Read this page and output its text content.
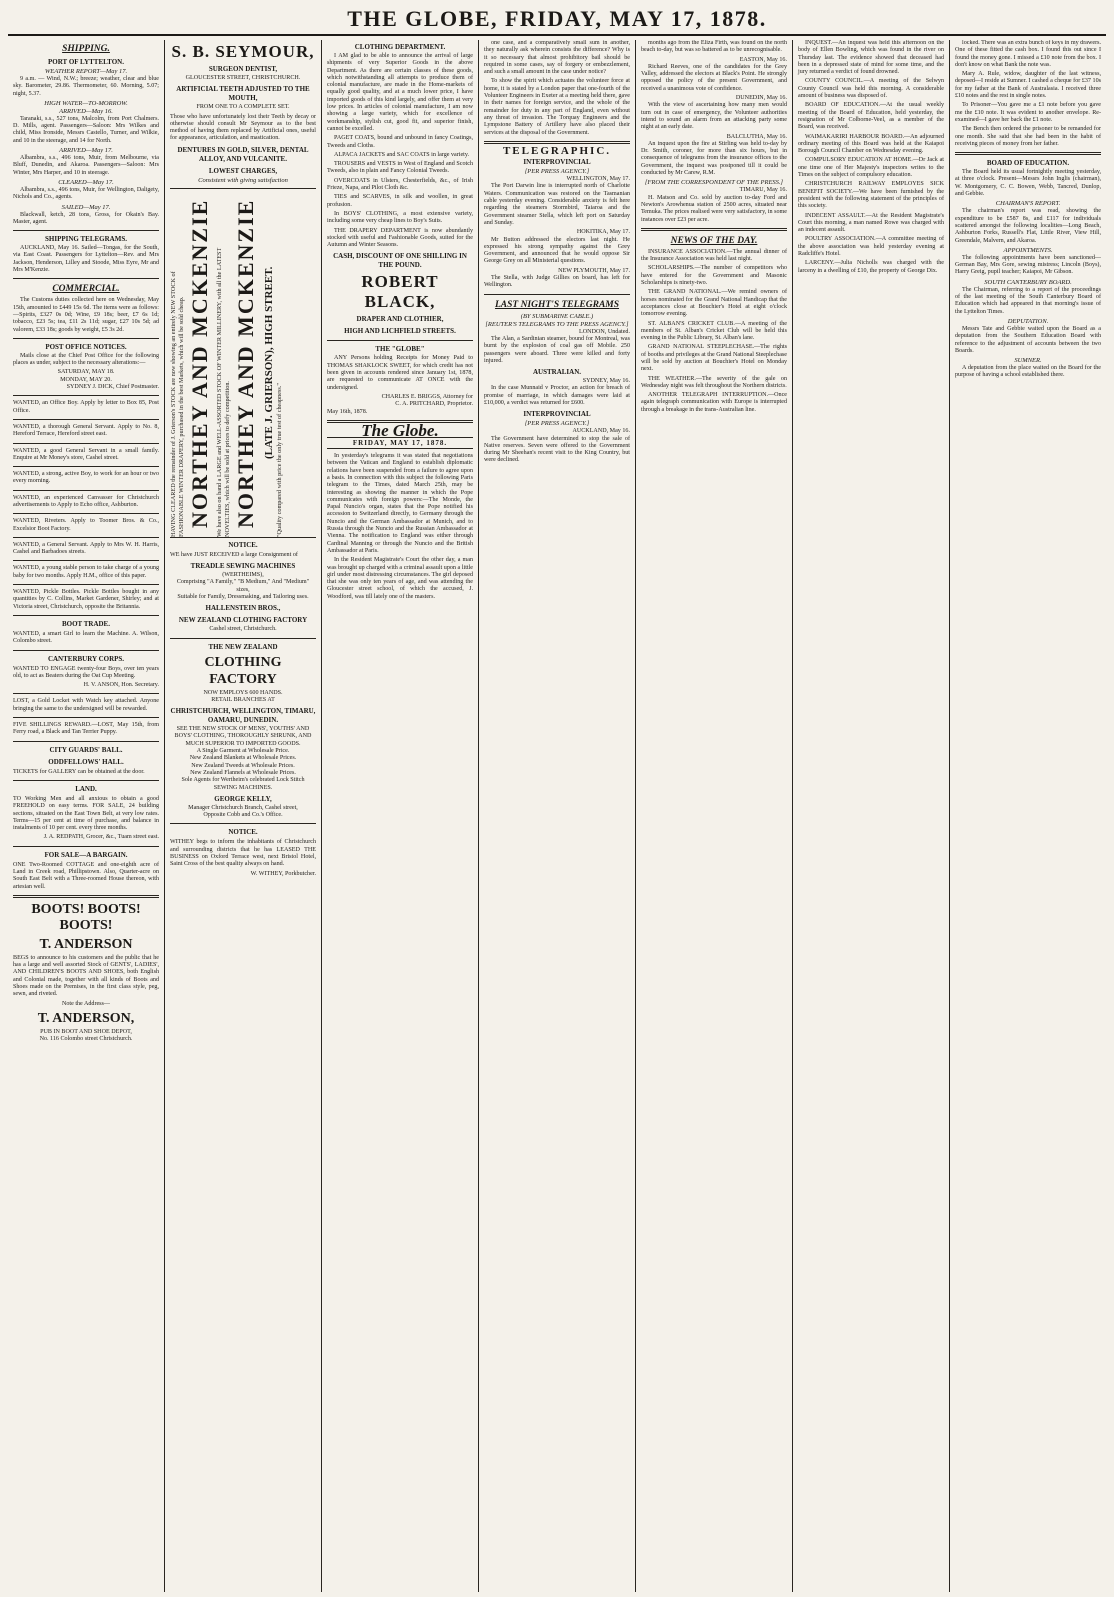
THE GLOBE, FRIDAY, MAY 17, 1878.
SHIPPING.
PORT OF LYTTELTON.
WEATHER REPORT—May 17.

9 a.m. — Wind, N.W.; breeze; weather, clear and blue sky. Barometer, 29.86. Thermometer, 60. Morning, 5.07; night, 5.37.

HIGH WATER—TO-MORROW.
ARRIVED—May 16.

Taranaki, s.s., 527 tons, Malcolm, from Port Chalmers. D. Mills, agent. Passengers—Saloon: Mrs Wilkes and child, Miss Ironside, Messrs Castello, Turner, and Wilkie, and 10 in the steerage, and 14 for North.

ARRIVED—May 17.

Albambra, s.s., 496 tons, Muir, from Melbourne, via Bluff, Dunedin, and Akaroa. Passengers—Saloon: Mrs Winter, Mrs Harper, and 10 in steerage.

CLEARED—May 17.

Albambra, s.s., 496 tons, Muir, for Wellington, Daligety, Nichols and Co., agents.

SAILED—May 17.

Blackwall, ketch, 28 tons, Gross, for Okain's Bay. Master, agent.

SHIPPING TELEGRAMS.

AUCKLAND, May 16. Sailed—Tongas, for the South, via East Coast. Passengers for Lyttelton—Rev. and Mrs Jackson, Henderson, Lilley and Stoode, Miss Eyre, Mr and Mrs M'Kenzie.

COMMERCIAL.

The Customs duties collected here on Wednesday, May 15th, amounted to £449 15s 6d. The items were as follows:—Spirits, £327 0s 0d; Wine, £9 18s; beer, £7 6s 1d; tobacco, £23 5s; tea, £11 2s 11d; sugar, £27 10s 5d; ad valorem, £33 18s; goods by weight, £5 3s 2d.

POST OFFICE NOTICES.

Mails close at the Chief Post Office for the following places as under, subject to the necessary alterations:—

SATURDAY, MAY 18.
MONDAY, MAY 20.
SYDNEY J. DICK, Chief Postmaster.

WANTED, an Office Boy. Apply by letter to Box 85, Post Office.

WANTED, a thorough General Servant. Apply to No. 8, Hereford Terrace, Hereford street east.

WANTED, a good General Servant in a small family. Enquire at Mr Money's store, Cashel street.

WANTED, a strong, active Boy, to work for an hour or two every morning.

WANTED, an experienced Canvasser for Christchurch advertisements to Apply to Echo office, Ashburton.

WANTED, Riveters. Apply to Toomer Bros. & Co., Excelsior Boot Factory.

WANTED, a General Servant. Apply to Mrs W. H. Harris, Cashel and Barbadoes streets.

WANTED, a young stable person to take charge of a young baby for two months. Apply H.M., office of this paper.

WANTED, Pickle Bottles. Pickle Bottles bought in any quantities by C. Collins, Market Gardener, Shirley; and at Victoria street, Christchurch, opposite the Britannia.

BOOT TRADE.

WANTED, a smart Girl to learn the Machine. A. Wilson, Colombo street.

CANTERBURY CORPS.

WANTED TO ENGAGE twenty-four Boys, over ten years old, to act as Beaters during the Oat Cup Meeting.

H. V. ANSON, Hon. Secretary.

LOST, a Gold Locket with Watch key attached. Anyone bringing the same to the undersigned will be rewarded.

FIVE SHILLINGS REWARD.—LOST, May 15th, from Ferry road, a Black and Tan Terrier Puppy.

CITY GUARDS' BALL.
ODDFELLOWS' HALL.

TICKETS for GALLERY can be obtained at the door.

LAND.

TO Working Men and all anxious to obtain a good FREEHOLD on easy terms. FOR SALE, 24 building sections, situated on the East Town Belt, at very low rates. Terms—15 per cent at time of purchase, and balance in instalments of 10 per cent. every three months.

J. A. REDPATH, Grocer, &c., Tuam street east.
FOR SALE—A BARGAIN.

ONE Two-Roomed COTTAGE and one-eighth acre of Land in Creek road, Phillipstown. Also, Quarter-acre on South East Belt with a Three-roomed House thereon, with artesian well.

BOOTS! BOOTS! BOOTS!
T. ANDERSON

BEGS to announce to his customers and the public that he has a large and well assorted Stock of GENTS', LADIES', AND CHILDREN'S BOOTS AND SHOES, both English and Colonial made, together with all kinds of Boots and Shoes made on the Premises, in the first class style, peg, sewn, and riveted.

Note the Address—
T. ANDERSON,
PUB IN BOOT AND SHOE DEPOT,
No. 116 Colombo street Christchurch.
S. B. SEYMOUR,
SURGEON DENTIST,
GLOUCESTER STREET, CHRISTCHURCH.
ARTIFICIAL TEETH ADJUSTED TO THE MOUTH,
FROM ONE TO A COMPLETE SET.

Those who have unfortunately lost their Teeth by decay or otherwise should consult Mr Seymour as to the best method of having them replaced by Artificial ones, useful for appearance, articulation, and mastication.

DENTURES IN GOLD, SILVER, DENTAL ALLOY, AND VULCANITE.
LOWEST CHARGES,
Consistent with giving satisfaction
HAVING CLEARED the remainder of J. Grierson's STOCK are now showing an entirely NEW STOCK of FASHIONABLE WINTER DRAPERY, purchased in the best Markets, which will be sold cheap. NORTHEY AND MCKENZIE We have also on hand a LARGE and WELL-ASSORTED STOCK OF WINTER MILLINERY, with all the LATEST NOVELTIES, which will be sold at prices to defy competition. NORTHEY AND MCKENZIE (LATE J. GRIERSON), HIGH STREET.
"Quality compared with price the only true test of cheapness."
NOTICE.

WE have JUST RECEIVED a large Consignment of

TREADLE SEWING MACHINES
(WERTHEIMS),
Comprising "A Family," "B Medium," And "Medium" sizes,
Suitable for Family, Dressmaking, and Tailoring uses.
HALLENSTEIN BROS.,
NEW ZEALAND CLOTHING FACTORY
Cashel street, Christchurch.
THE NEW ZEALAND
CLOTHING FACTORY
NOW EMPLOYS 600 HANDS.
RETAIL BRANCHES AT
CHRISTCHURCH, WELLINGTON, TIMARU, OAMARU, DUNEDIN.
SEE THE NEW STOCK OF MENS', YOUTHS' AND BOYS' CLOTHING, THOROUGHLY SHRUNK, AND MUCH SUPERIOR TO IMPORTED GOODS.
A Single Garment at Wholesale Price.
New Zealand Blankets at Wholesale Prices.
New Zealand Tweeds at Wholesale Prices.
New Zealand Flannels at Wholesale Prices.
Sole Agents for Wertheim's celebrated Lock Stitch SEWING MACHINES.
GEORGE KELLY,
Manager Christchurch Branch, Cashel street,
Opposite Cobb and Co.'s Office.
NOTICE.

WITHEY begs to inform the inhabitants of Christchurch and surrounding districts that he has LEASED THE BUSINESS on Oxford Terrace west, next Bristol Hotel, Saint Cross of the best quality always on hand.

W. WITHEY, Porkbutcher.
CLOTHING DEPARTMENT.

I AM glad to be able to announce the arrival of large shipments of very Superior Goods in the above Department. As there are certain classes of these goods, which notwithstanding all attempts to produce them of colonial manufacture, are made in the Home-markets of equally good quality, and at a much lower price, I have imported goods of this kind largely, and offer them at very low prices. In articles of colonial manufacture, I am now showing a large variety, which for excellence of workmanship, stylish cut, good fit, and superior finish, cannot be excelled.

PAGET COATS, bound and unbound in fancy Coatings, Tweeds and Cloths.

ALPACA JACKETS and SAC COATS in large variety.

TROUSERS and VESTS in West of England and Scotch Tweeds, also in plain and Fancy Colonial Tweeds.

OVERCOATS in Ulsters, Chesterfields, &c., of Irish Frieze, Napa, and Pilot Cloth &c.

TIES and SCARVES, in silk and woollen, in great profusion.

In BOYS' CLOTHING, a most extensive variety, including some very cheap lines to Boy's Suits.

THE DRAPERY DEPARTMENT is now abundantly stocked with useful and Fashionable Goods, suited for the Autumn and Winter Seasons.

CASH, DISCOUNT OF ONE SHILLING IN THE POUND.
ROBERT BLACK,
DRAPER AND CLOTHIER,
HIGH AND LICHFIELD STREETS.
THE "GLOBE"

ANY Persons holding Receipts for Money Paid to THOMAS SHAKLOCK SWEET, for which credit has not been given in accounts rendered since January 1st, 1878, are requested to communicate AT ONCE with the undersigned.

CHARLES E. BRIGGS, Attorney for
C. A. PRITCHARD, Proprietor.
May 16th, 1878.
The Globe.
FRIDAY, MAY 17, 1878.

In yesterday's telegrams it was stated that negotiations between the Vatican and England to establish diplomatic relations have been suspended from a failure to agree upon a basis. In connection with this subject the following Paris telegram to the Times, dated March 25th, may be interesting as showing the manner in which the Pope communicates with foreign powers:—The Monde, the Papal Nuncio's organ, states that the Pope notified his accession to Switzerland directly, to Germany through the Nuncio and the German Ambassador at Munich, and to Russia through the Nuncio and the Russian Ambassador at Vienna. The notification to England was either through Cardinal Manning or through the Nuncio and the British Ambassador at Paris.

In the Resident Magistrate's Court the other day, a man was brought up charged with a criminal assault upon a little girl under most distressing circumstances. The girl deposed that she was only ten years of age, and was attending the Gloucester street school, of which the accused, J. Woodford, was till lately one of the masters.

one case, and a comparatively small sum in another, they naturally ask wherein consists the difference? Why is it so necessary that almost prohibitory bail should be required in some cases, say of forgery or embezzlement, and such a small amount in the case under notice?

To show the spirit which actuates the volunteer force at home, it is stated by a London paper that one-fourth of the Volunteer Engineers in Exeter at a meeting held there, gave in their names for foreign service, and the whole of the remainder for duty in any part of England, even without any threat of invasion. The Torquay Engineers and the Lympstone Battery of Artillery have also placed their services at the disposal of the Government.

TELEGRAPHIC.
INTERPROVINCIAL
[PER PRESS AGENCY.]
WELLINGTON, May 17.

The Port Darwin line is interrupted north of Charlotte Waters. Communication was restored on the Tasmanian cable yesterday evening. Considerable anxiety is felt here regarding the steamers Stormbird, Taiaroa and the Government steamer Stella, which left port on Saturday and Sunday.

HOKITIKA, May 17.

Mr Button addressed the electors last night. He expressed his strong sympathy against the Grey Government, and announced that he would oppose Sir George Grey on all Ministerial questions.

NEW PLYMOUTH, May 17.

The Stella, with Judge Gillies on board, has left for Wellington.

LAST NIGHT'S TELEGRAMS
(BY SUBMARINE CABLE.)
[REUTER'S TELEGRAMS TO THE PRESS AGENCY.]
LONDON, Undated.

The Alan, a Sardinian steamer, bound for Montreal, was burnt by the explosion of coal gas off Mobile. 250 passengers were aboard. Three were killed and forty injured.

AUSTRALIAN.
SYDNEY, May 16.

In the case Munnaid v Proctor, an action for breach of promise of marriage, in which damages were laid at £10,000, a verdict was returned for £600.

INTERPROVINCIAL
[PER PRESS AGENCY.]
AUCKLAND, May 16.

The Government have determined to stop the sale of Native reserves. Seven were offered to the Government during Mr Sheehan's recent visit to the King Country, but were declined.

months ago from the Eliza Firth, was found on the north beach to-day, but was so battered as to be unrecognisable.

EASTON, May 16.

Richard Reeves, one of the candidates for the Grey Valley, addressed the electors at Black's Point. He strongly opposed the policy of the present Government, and received a unanimous vote of confidence.

DUNEDIN, May 16.

With the view of ascertaining how many men would turn out in case of emergency, the Volunteer authorities intend to sound an alarm from an attacking party some night at an early date.

BALCLUTHA, May 16.

An inquest upon the fire at Stirling was held to-day by Dr. Smith, coroner, for more than six hours, but in consequence of telegrams from the insurance offices to the Government, the inquest was postponed till it could be conducted by Mr Carew, R.M.

[FROM THE CORRESPONDENT OF THE PRESS.]
TIMARU, May 16.

H. Matson and Co. sold by auction to-day Ford and Newton's Arowhenua station of 2500 acres, situated near Temuka. The prices realised were very satisfactory, in some instances over £23 per acre.

NEWS OF THE DAY.

INSURANCE ASSOCIATION.—The annual dinner of the Insurance Association was held last night.

SCHOLARSHIPS.—The number of competitors who have entered for the Government and Masonic Scholarships is ninety-two.

THE GRAND NATIONAL.—We remind owners of horses nominated for the Grand National Handicap that the acceptances close at Bouchier's Hotel at eight o'clock tomorrow evening.

ST. ALBAN'S CRICKET CLUB.—A meeting of the members of St. Alban's Cricket Club will be held this evening in the Public Library, St. Alban's lane.

GRAND NATIONAL STEEPLECHASE.—The rights of booths and privileges at the Grand National Steeplechase will be sold by auction at Bouchier's Hotel on Monday next.

THE WEATHER.—The severity of the gale on Wednesday night was felt throughout the Northern districts.

ANOTHER TELEGRAPH INTERRUPTION.—Once again telegraph communication with Europe is interrupted through a breakage in the trans-Australian line.

INQUEST.—An inquest was held this afternoon on the body of Ellen Bowling, which was found in the river on Thursday last. The evidence showed that deceased had been in a depressed state of mind for some time, and the jury returned a verdict of found drowned.

COUNTY COUNCIL.—A meeting of the Selwyn County Council was held this morning. A considerable amount of business was disposed of.

BOARD OF EDUCATION.—At the usual weekly meeting of the Board of Education, held yesterday, the resignation of Mr Colborne-Veel, as a member of the Board, was received.

WAIMAKARIRI HARBOUR BOARD.—An adjourned ordinary meeting of this Board was held at the Kaiapoi Borough Council Chamber on Wednesday evening.

COMPULSORY EDUCATION AT HOME.—Dr Jack at one time one of Her Majesty's inspectors writes to the Times on the subject of compulsory education.

CHRISTCHURCH RAILWAY EMPLOYES SICK BENEFIT SOCIETY.—We have been furnished by the president with the following statement of the principles of this society.

INDECENT ASSAULT.—At the Resident Magistrate's Court this morning, a man named Rowe was charged with an indecent assault.

POULTRY ASSOCIATION.—A committee meeting of the above association was held yesterday evening at Radcliffe's Hotel.

LARCENY.—Julia Nicholls was charged with the larceny in a dwelling of £10, the property of George Dix.

locked. There was an extra bunch of keys in my drawers. One of these fitted the cash box. I found this out since I found the money gone. I missed a £10 note from the box. I don't know on what Bank the note was.

Mary A. Rule, widow, daughter of the last witness, deposed—I reside at Sumner. I cashed a cheque for £37 10s for my father at the Bank of Australasia. I received three £10 notes and the rest in single notes.

To Prisoner—You gave me a £1 note before you gave me the £10 note. It was evident to another envelope. Re-examined—I gave her back the £1 note.

The Bench then ordered the prisoner to be remanded for one month. She said that she had been in the habit of receiving pieces of money from her father.

BOARD OF EDUCATION.

The Board held its usual fortnightly meeting yesterday, at three o'clock. Present—Messrs John Inglis (chairman), W. Montgomery, C. C. Bowen, Webb, Tancred, Dunlop, and Gebbie.

CHAIRMAN'S REPORT.

The chairman's report was read, showing the expenditure to be £587 8s, and £117 for individuals scattered amongst the following localities—Long Beach, Ashburton Forks, Russell's Flat, Little River, View Hill, Greendale, Malvern, and Akaroa.

APPOINTMENTS.

The following appointments have been sanctioned—German Bay, Mrs Gore, sewing mistress; Lincoln (Boys), Harry Greig, pupil teacher; Kaiapoi, Mr Gibson.

SOUTH CANTERBURY BOARD.

The Chairman, referring to a report of the proceedings of the last meeting of the South Canterbury Board of Education which had appeared in that morning's issue of the Lyttelton Times.

DEPUTATION.

Messrs Tate and Gebbie waited upon the Board as a deputation from the Southern Education Board with reference to the adjustment of accounts between the two Boards.

SUMNER.

A deputation from the place waited on the Board for the purpose of having a school established there.
